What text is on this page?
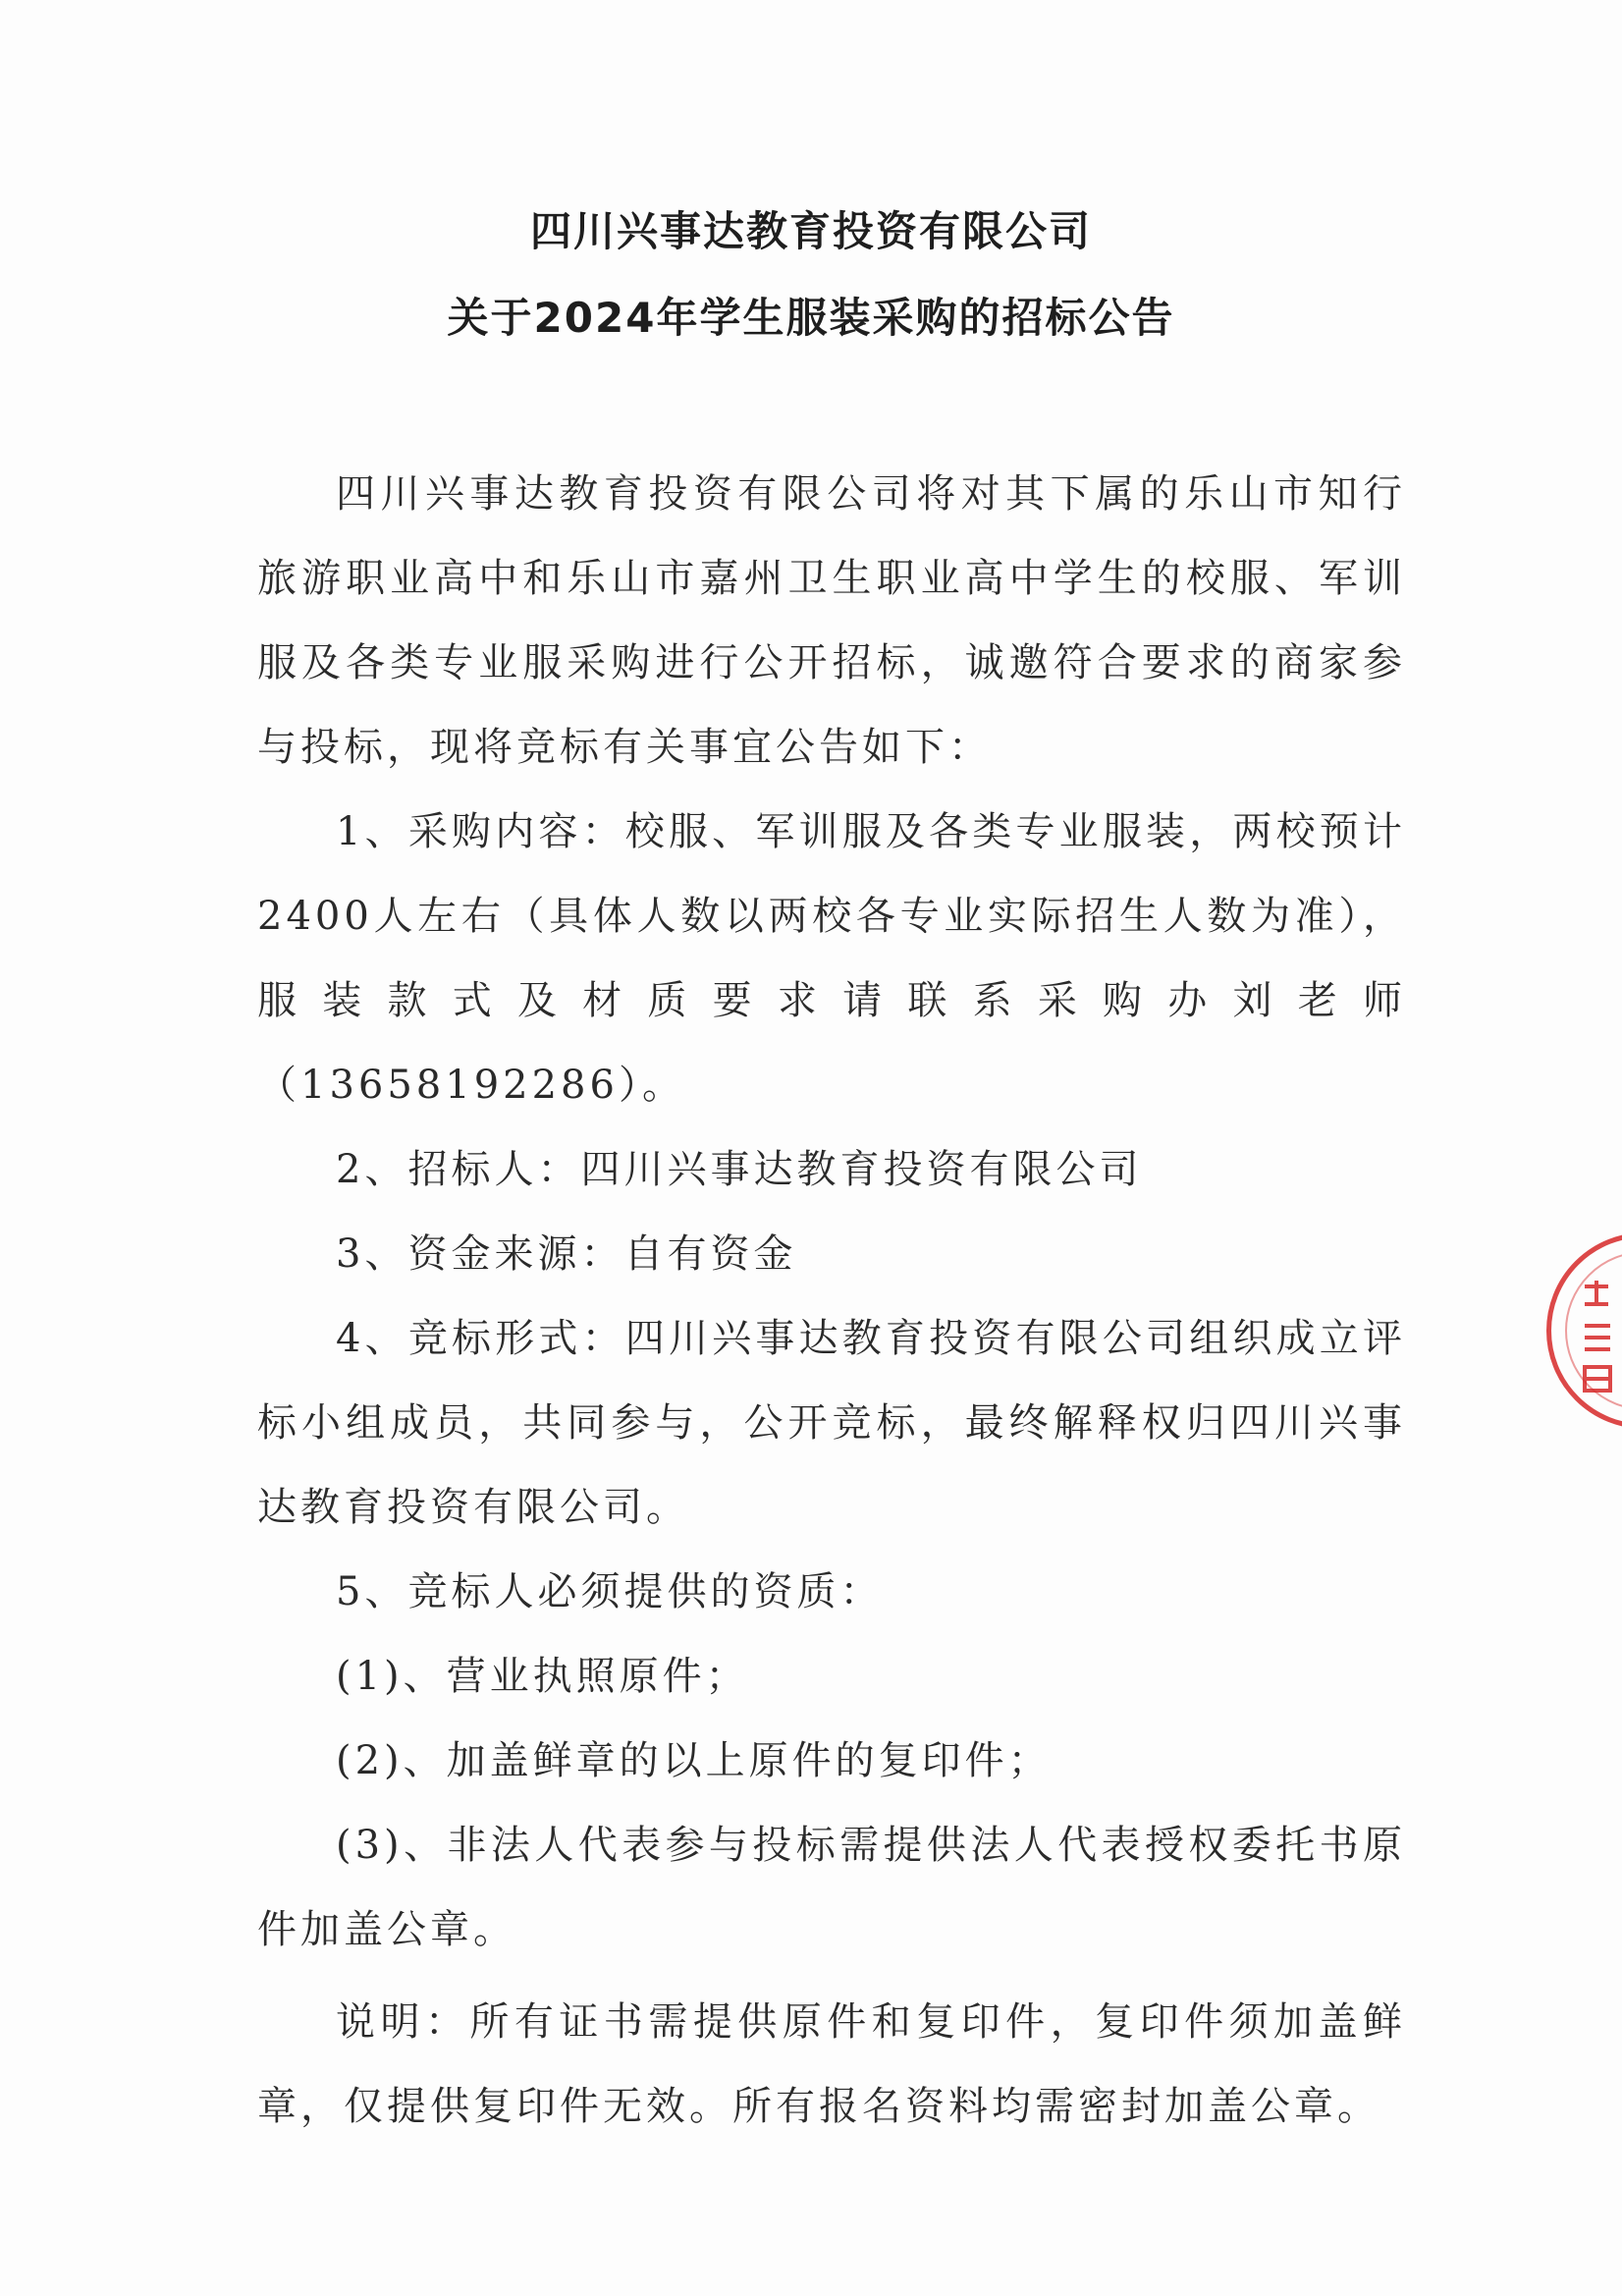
四川兴事达教育投资有限公司
关于2024年学生服装采购的招标公告

四川兴事达教育投资有限公司将对其下属的乐山市知行旅游职业高中和乐山市嘉州卫生职业高中学生的校服、军训服及各类专业服采购进行公开招标，诚邀符合要求的商家参与投标，现将竞标有关事宜公告如下：

1、采购内容：校服、军训服及各类专业服装，两校预计2400人左右（具体人数以两校各专业实际招生人数为准），服装款式及材质要求请联系采购办刘老师（13658192286）。

2、招标人：四川兴事达教育投资有限公司

3、资金来源：自有资金

4、竞标形式：四川兴事达教育投资有限公司组织成立评标小组成员，共同参与，公开竞标，最终解释权归四川兴事达教育投资有限公司。

5、竞标人必须提供的资质：

(1)、营业执照原件；

(2)、加盖鲜章的以上原件的复印件；

(3)、非法人代表参与投标需提供法人代表授权委托书原件加盖公章。

说明：所有证书需提供原件和复印件，复印件须加盖鲜章，仅提供复印件无效。所有报名资料均需密封加盖公章。
